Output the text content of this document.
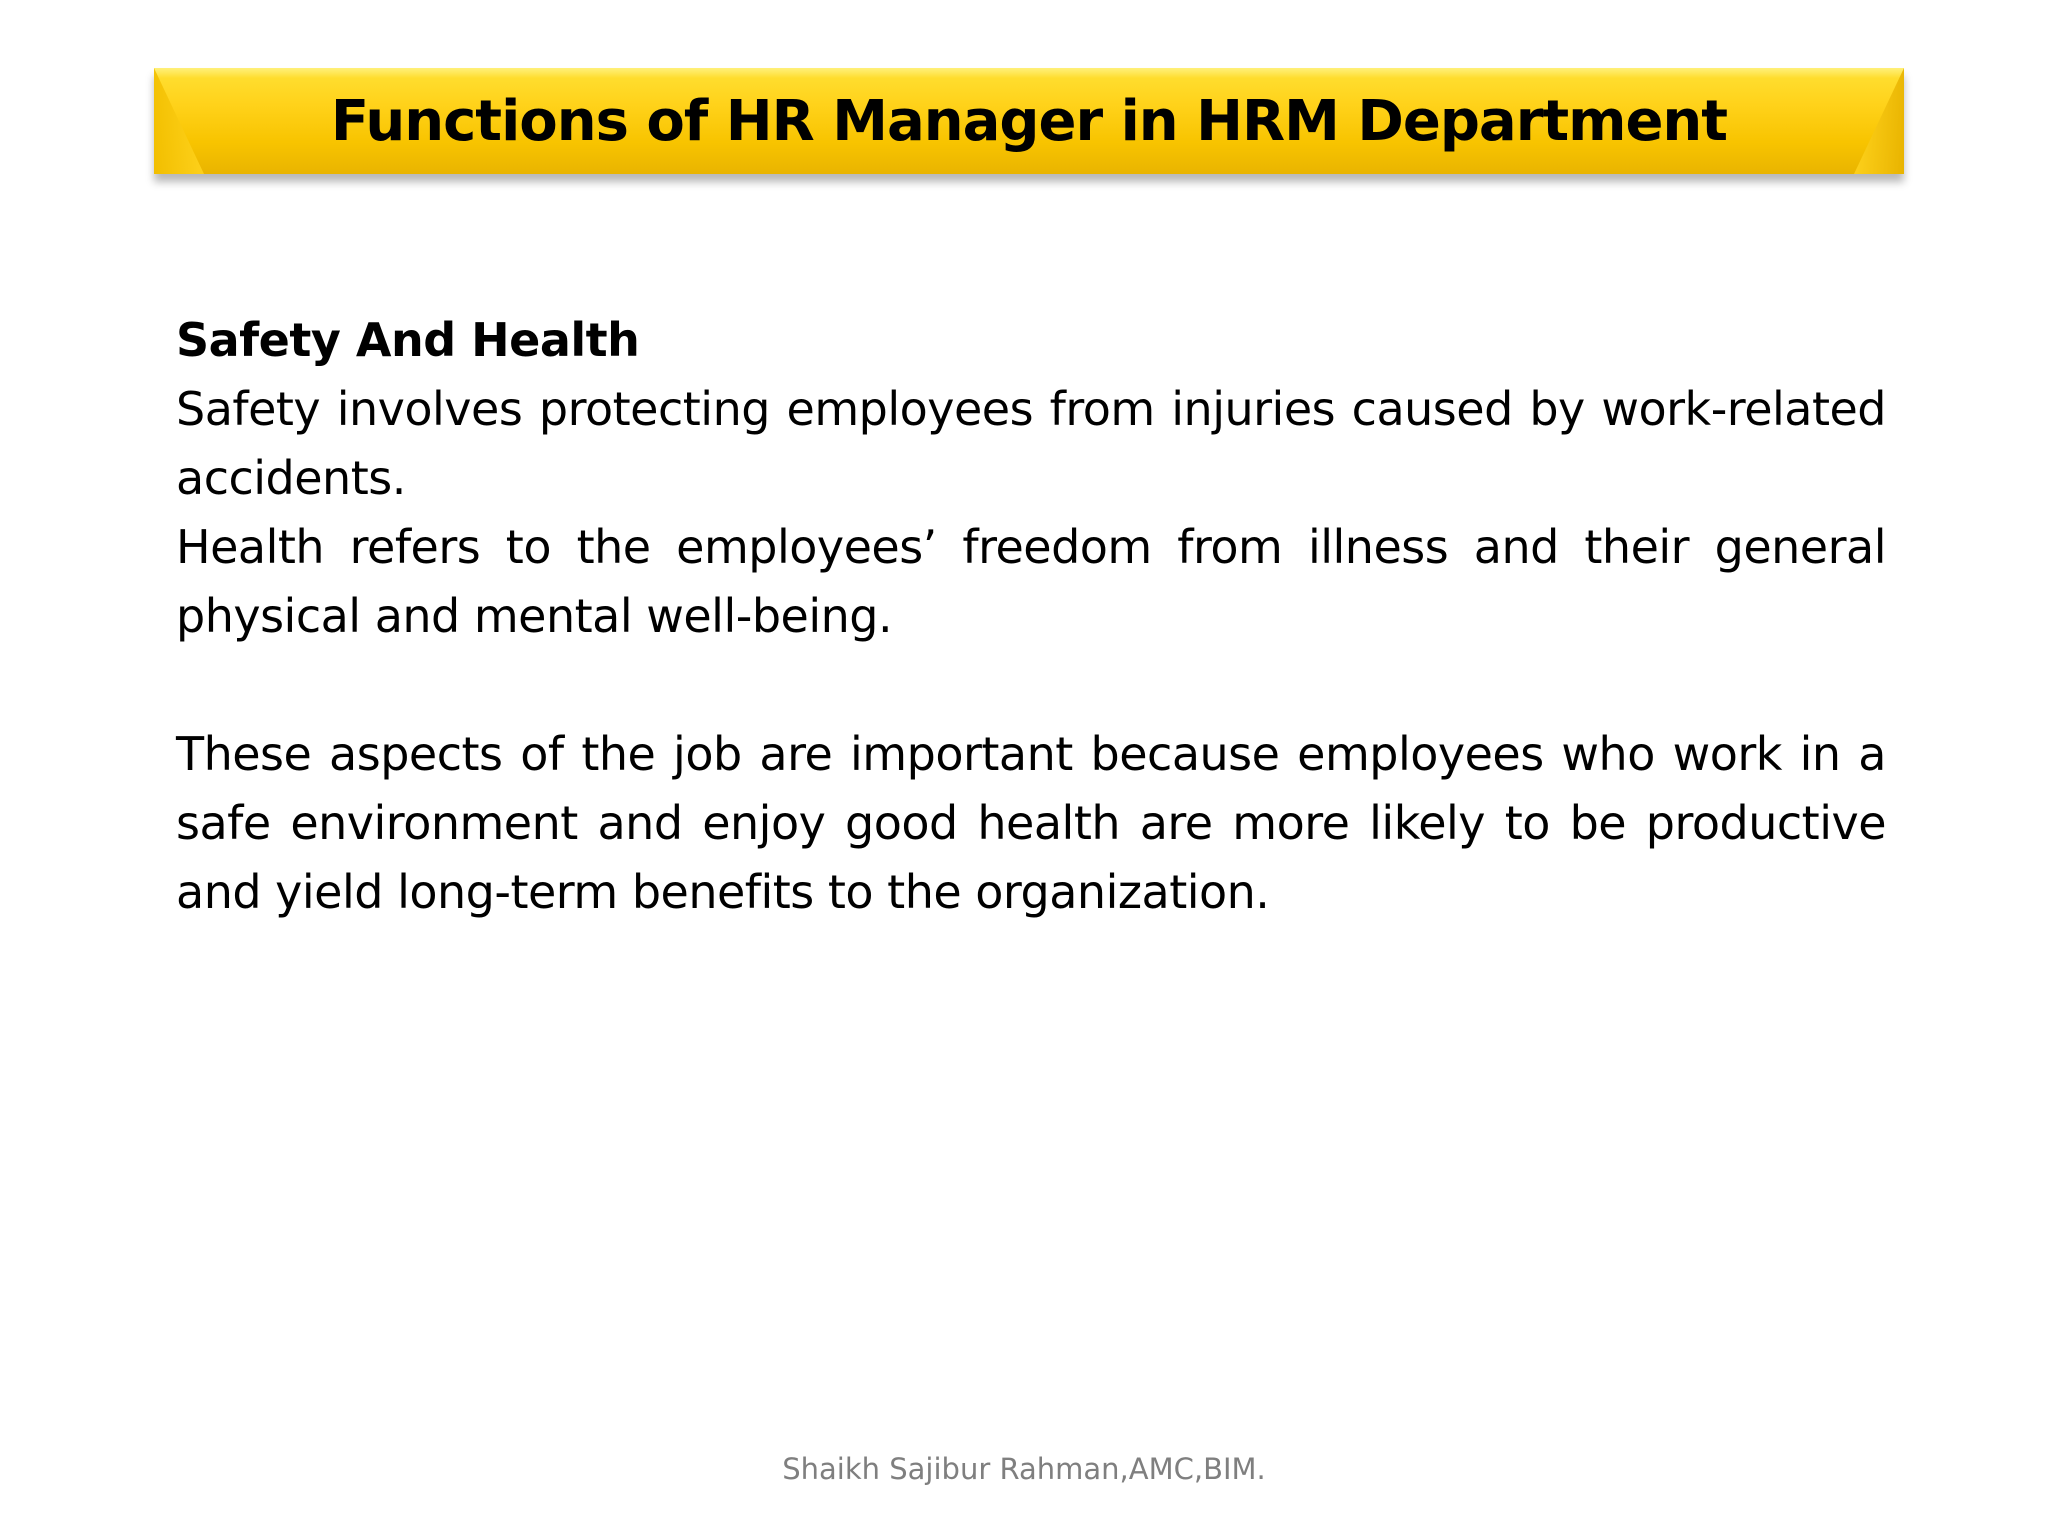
Functions of HR Manager in HRM Department

Safety And Health

Safety involves protecting employees from injuries caused by work-related accidents.

Health refers to the employees’ freedom from illness and their general physical and mental well-being.

These aspects of the job are important because employees who work in a safe environment and enjoy good health are more likely to be productive and yield long-term benefits to the organization.

Shaikh Sajibur Rahman,AMC,BIM.
